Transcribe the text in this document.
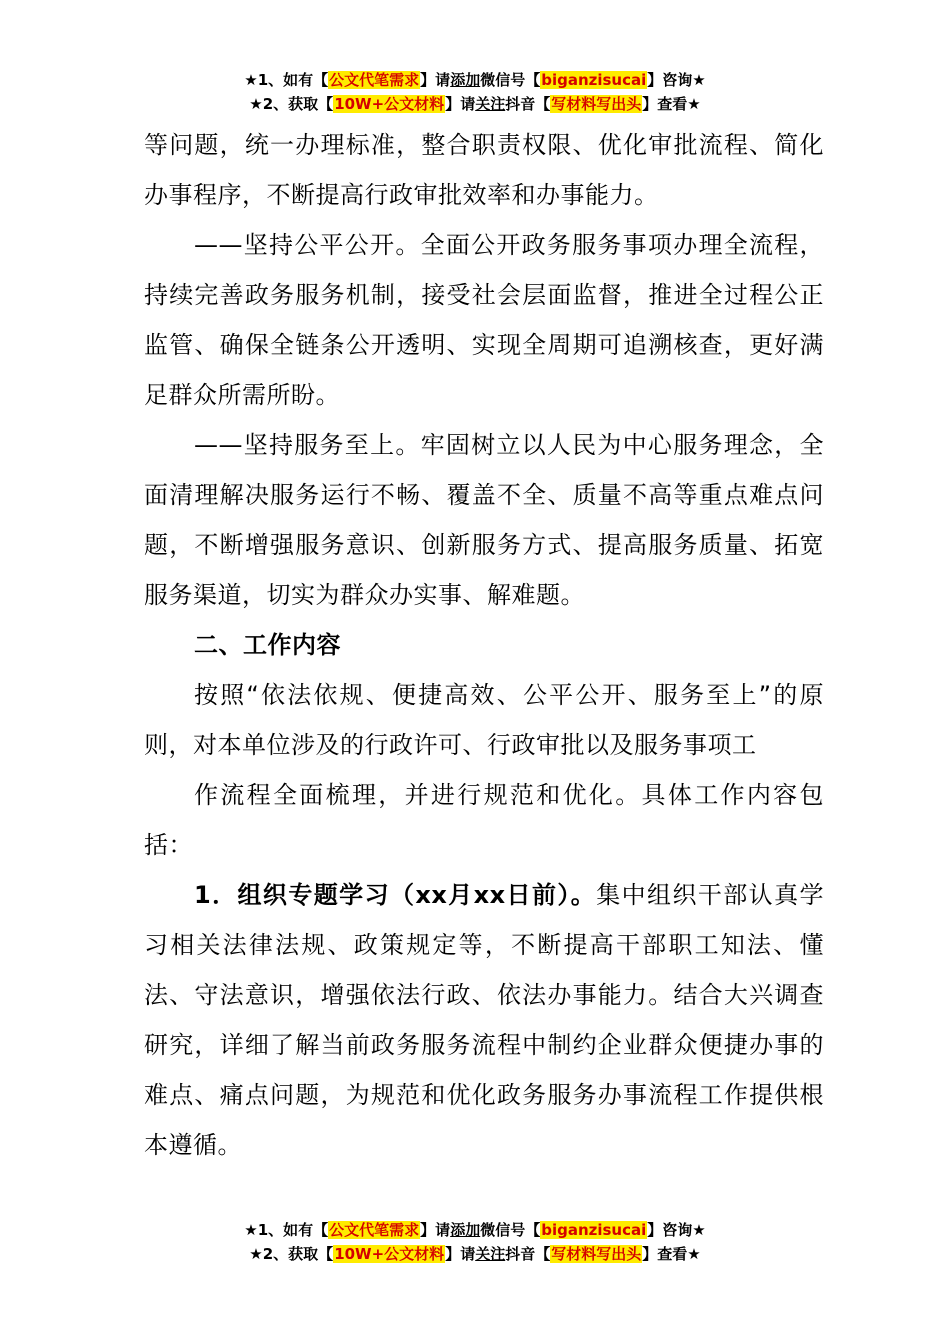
★1、如有【公文代笔需求】请添加微信号【biganzisucai】咨询★
★2、获取【10W+公文材料】请关注抖音【写材料写出头】查看★

等问题，统一办理标准，整合职责权限、优化审批流程、简化办事程序，不断提高行政审批效率和办事能力。

——坚持公平公开。全面公开政务服务事项办理全流程，持续完善政务服务机制，接受社会层面监督，推进全过程公正监管、确保全链条公开透明、实现全周期可追溯核查，更好满足群众所需所盼。

——坚持服务至上。牢固树立以人民为中心服务理念，全面清理解决服务运行不畅、覆盖不全、质量不高等重点难点问题，不断增强服务意识、创新服务方式、提高服务质量、拓宽服务渠道，切实为群众办实事、解难题。

二、工作内容

按照“依法依规、便捷高效、公平公开、服务至上”的原则，对本单位涉及的行政许可、行政审批以及服务事项工

作流程全面梳理，并进行规范和优化。具体工作内容包括：

1．组织专题学习（xx月xx日前）。集中组织干部认真学习相关法律法规、政策规定等，不断提高干部职工知法、懂法、守法意识，增强依法行政、依法办事能力。结合大兴调查研究，详细了解当前政务服务流程中制约企业群众便捷办事的难点、痛点问题，为规范和优化政务服务办事流程工作提供根本遵循。

★1、如有【公文代笔需求】请添加微信号【biganzisucai】咨询★
★2、获取【10W+公文材料】请关注抖音【写材料写出头】查看★
